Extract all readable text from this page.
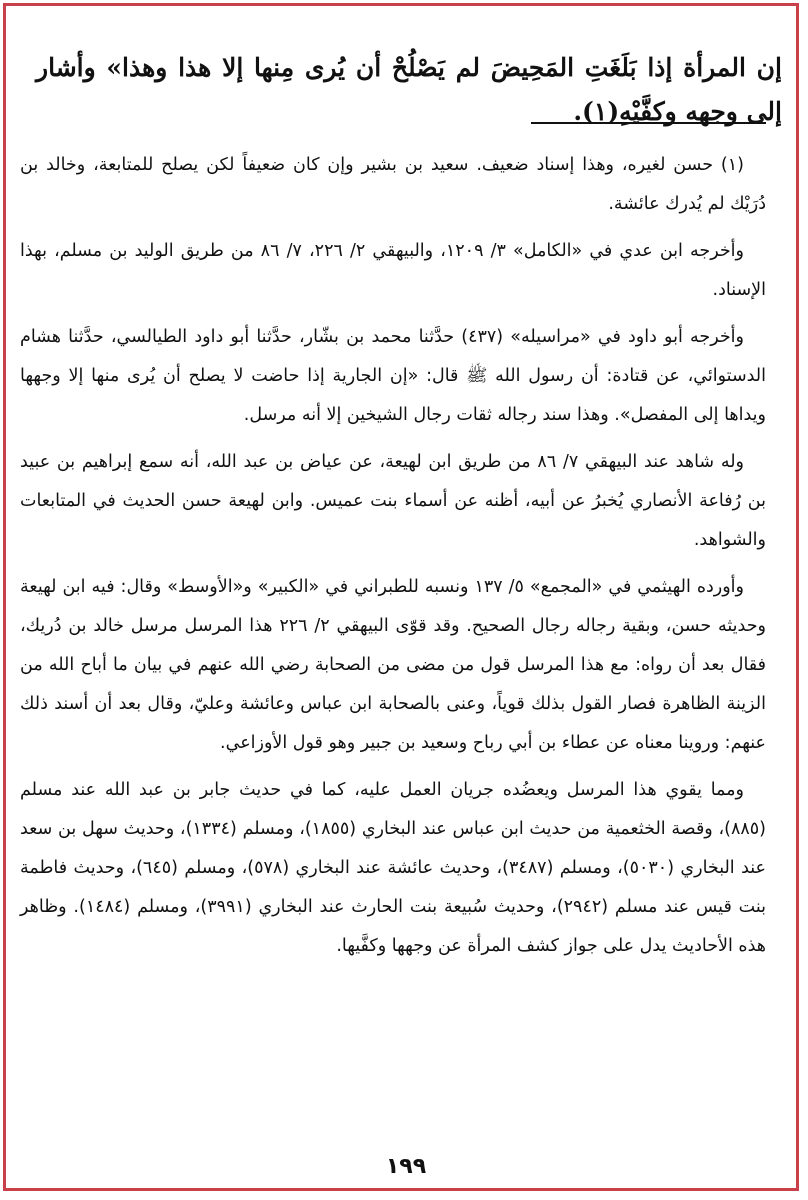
إن المرأة إذا بَلَغَتِ المَحِيضَ لم يَصْلُحْ أن يُرى مِنها إلا هذا وهذا» وأشار إلى وجهه وكفَّيْهِ(١).

(١) حسن لغيره، وهذا إسناد ضعيف. سعيد بن بشير وإن كان ضعيفاً لكن يصلح للمتابعة، وخالد بن دُرَيْك لم يُدرك عائشة.

وأخرجه ابن عدي في «الكامل» ٣/ ١٢٠٩، والبيهقي ٢/ ٢٢٦، ٧/ ٨٦ من طريق الوليد بن مسلم، بهذا الإسناد.

وأخرجه أبو داود في «مراسيله» (٤٣٧) حدَّثنا محمد بن بشّار، حدَّثنا أبو داود الطيالسي، حدَّثنا هشام الدستوائي، عن قتادة: أن رسول الله ﷺ قال: «إن الجارية إذا حاضت لا يصلح أن يُرى منها إلا وجهها ويداها إلى المفصل». وهذا سند رجاله ثقات رجال الشيخين إلا أنه مرسل.

وله شاهد عند البيهقي ٧/ ٨٦ من طريق ابن لهيعة، عن عياض بن عبد الله، أنه سمع إبراهيم بن عبيد بن رُفاعة الأنصاري يُخبرُ عن أبيه، أظنه عن أسماء بنت عميس. وابن لهيعة حسن الحديث في المتابعات والشواهد.

وأورده الهيثمي في «المجمع» ٥/ ١٣٧ ونسبه للطبراني في «الكبير» و«الأوسط» وقال: فيه ابن لهيعة وحديثه حسن، وبقية رجاله رجال الصحيح. وقد قوّى البيهقي ٢/ ٢٢٦ هذا المرسل مرسل خالد بن دُريك، فقال بعد أن رواه: مع هذا المرسل قول من مضى من الصحابة رضي الله عنهم في بيان ما أباح الله من الزينة الظاهرة فصار القول بذلك قوياً، وعنى بالصحابة ابن عباس وعائشة وعليّ، وقال بعد أن أسند ذلك عنهم: وروينا معناه عن عطاء بن أبي رباح وسعيد بن جبير وهو قول الأوزاعي.

ومما يقوي هذا المرسل ويعضُده جريان العمل عليه، كما في حديث جابر بن عبد الله عند مسلم (٨٨٥)، وقصة الخثعمية من حديث ابن عباس عند البخاري (١٨٥٥)، ومسلم (١٣٣٤)، وحديث سهل بن سعد عند البخاري (٥٠٣٠)، ومسلم (٣٤٨٧)، وحديث عائشة عند البخاري (٥٧٨)، ومسلم (٦٤٥)، وحديث فاطمة بنت قيس عند مسلم (٢٩٤٢)، وحديث سُبيعة بنت الحارث عند البخاري (٣٩٩١)، ومسلم (١٤٨٤). وظاهر هذه الأحاديث يدل على جواز كشف المرأة عن وجهها وكفَّيها.

١٩٩
